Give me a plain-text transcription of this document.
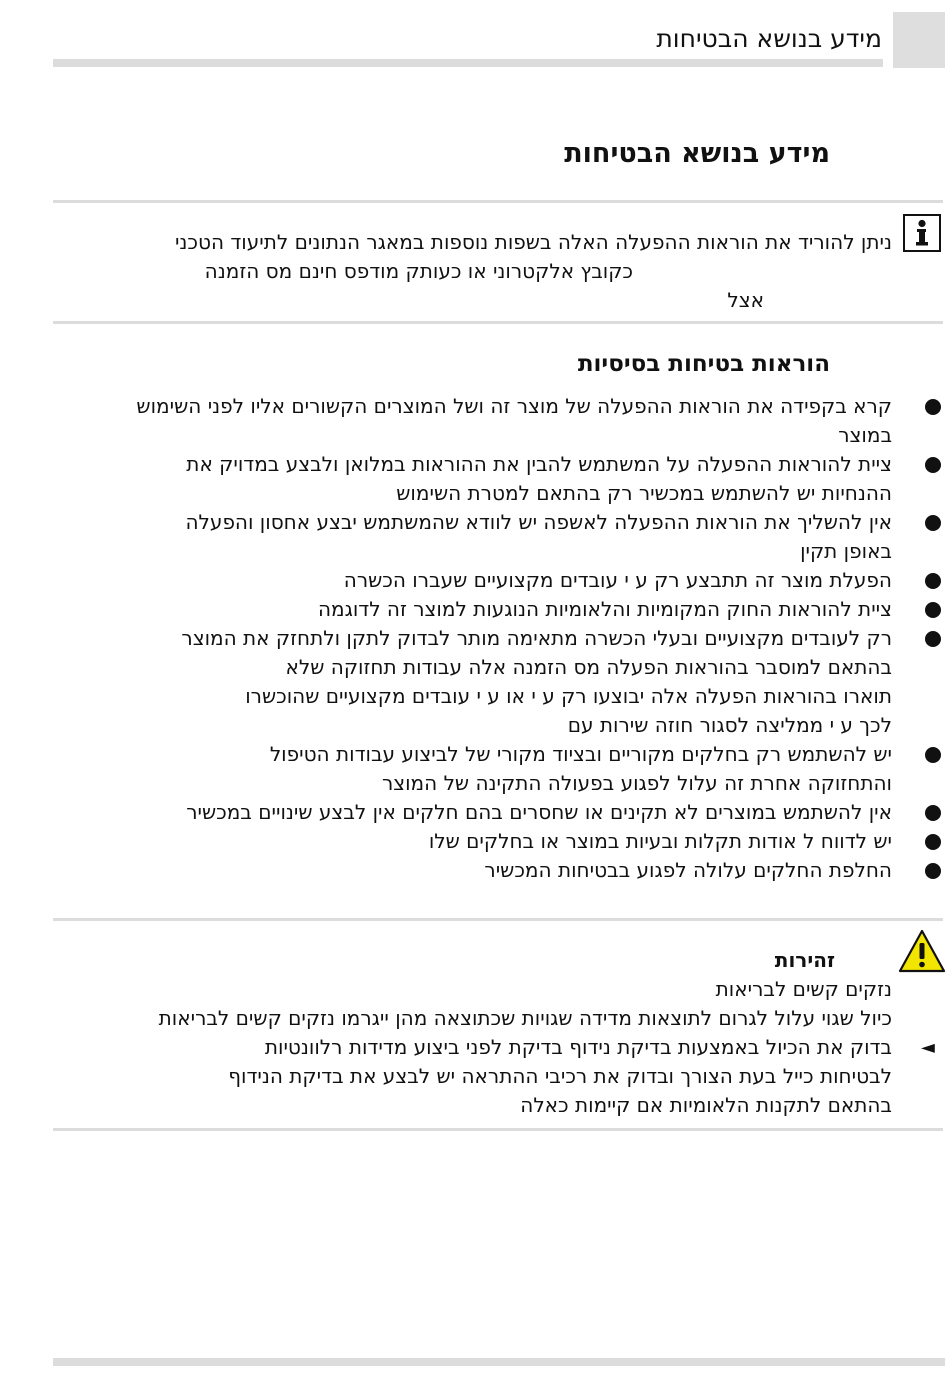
מידע בנושא הבטיחות
מידע בנושא הבטיחות
ניתן להוריד את הוראות ההפעלה האלה בשפות נוספות במאגר הנתונים לתיעוד הטכני
כקובץ אלקטרוני או כעותק מודפס חינם מס הזמנה
אצל
הוראות בטיחות בסיסיות
קרא בקפידה את הוראות ההפעלה של מוצר זה ושל המוצרים הקשורים אליו לפני השימוש
במוצר
ציית להוראות ההפעלה על המשתמש להבין את ההוראות במלואן ולבצע במדויק את
ההנחיות יש להשתמש במכשיר רק בהתאם למטרת השימוש
אין להשליך את הוראות ההפעלה לאשפה יש לוודא שהמשתמש יבצע אחסון והפעלה
באופן תקין
הפעלת מוצר זה תתבצע רק ע י עובדים מקצועיים שעברו הכשרה
ציית להוראות החוק המקומיות והלאומיות הנוגעות למוצר זה לדוגמה
רק לעובדים מקצועיים ובעלי הכשרה מתאימה מותר לבדוק לתקן ולתחזק את המוצר
בהתאם למוסבר בהוראות הפעלה מס הזמנה אלה עבודות תחזוקה שלא
תוארו בהוראות הפעלה אלה יבוצעו רק ע י או ע י עובדים מקצועיים שהוכשרו
לכך ע י ממליצה לסגור חוזה שירות עם
יש להשתמש רק בחלקים מקוריים ובציוד מקורי של לביצוע עבודות הטיפול
והתחזוקה אחרת זה עלול לפגוע בפעולה התקינה של המוצר
אין להשתמש במוצרים לא תקינים או שחסרים בהם חלקים אין לבצע שינויים במכשיר
יש לדווח ל אודות תקלות ובעיות במוצר או בחלקים שלו
החלפת החלקים עלולה לפגוע בבטיחות המכשיר
זהירות
נזקים קשים לבריאות
כיול שגוי עלול לגרום לתוצאות מדידה שגויות שכתוצאה מהן ייגרמו נזקים קשים לבריאות
◄
בדוק את הכיול באמצעות בדיקת נידוף בדיקת לפני ביצוע מדידות רלוונטיות
לבטיחות כייל בעת הצורך ובדוק את רכיבי ההתראה יש לבצע את בדיקת הנידוף
בהתאם לתקנות הלאומיות אם קיימות כאלה
